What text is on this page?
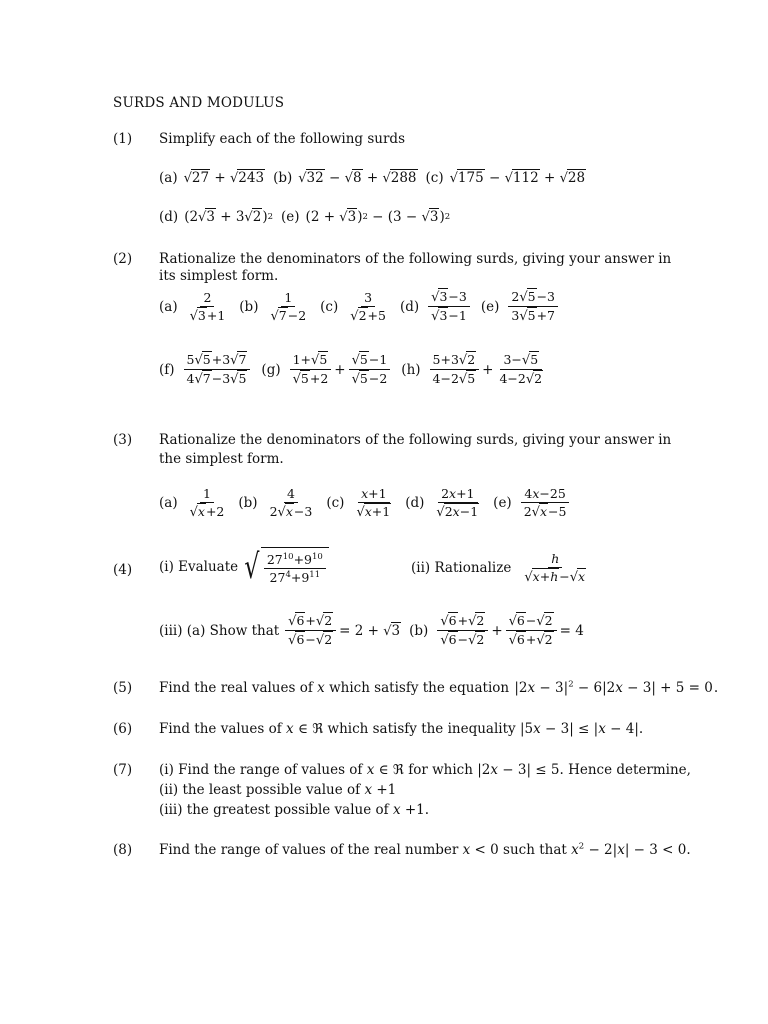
SURDS AND MODULUS
(1) Simplify each of the following surds
(a) √27 + √243 (b) √32 − √8 + √288 (c) √175 − √112 + √28
(d) (2 √3 + 3 √2 ) 2 (e) (2 + √3 ) 2 − (3 − √3 ) 2
(2) Rationalize the denominators of the following surds, giving your answer in
its simplest form.
$(a) \frac{2}{√3+1} (b) \frac{1}{√7-2} (c) \frac{3}{√2+5} (d) \frac{√3-3}{√3-1} (e) \frac{2√5-3}{3√5+7}$
$(f) \frac{5√5+3√7}{4√7-3√5} (g) \frac{1+√5}{√5+2} + \frac{√5-1}{√5-2} (h) \frac{5+3√2}{4-2√5} + \frac{3-√5}{4-2√2}$
(3) Rationalize the denominators of the following surds, giving your answer in
the simplest form.
$(a) \frac{1}{√x+2} (b) \frac{4}{2√x-3} (c) \frac{x+1}{√x+1} (d) \frac{2x+1}{√2x-1} (e) \frac{4x-25}{2√x-5}$
(4) (i) Evaluate √ $\frac{27^{10}+9^{10}}{27^4+9^{11}}$	(ii) Rationalize $\frac{h}{√x+h-√x}$
(iii) (a) Show that $\frac{√6+√2}{√6-√2} = 2 + √3$ $(b) \frac{√6+√2}{√6-√2} + \frac{√6-√2}{√6+√2} = 4$
(5) Find the real values of x which satisfy the equation $|2x - 3|^2 - 6|2x - 3| + 5 = 0$.
(6) Find the values of x ∈ ℜ which satisfy the inequality |5x − 3| ≤ |x − 4|.
(7) (i) Find the range of values of x ∈ ℜ for which |2x − 3| ≤ 5. Hence determine,
(ii) the least possible value of x +1
(iii) the greatest possible value of x +1.
(8) Find the range of values of the real number x < 0 such that $x^2 - 2|x| - 3 < 0$.
